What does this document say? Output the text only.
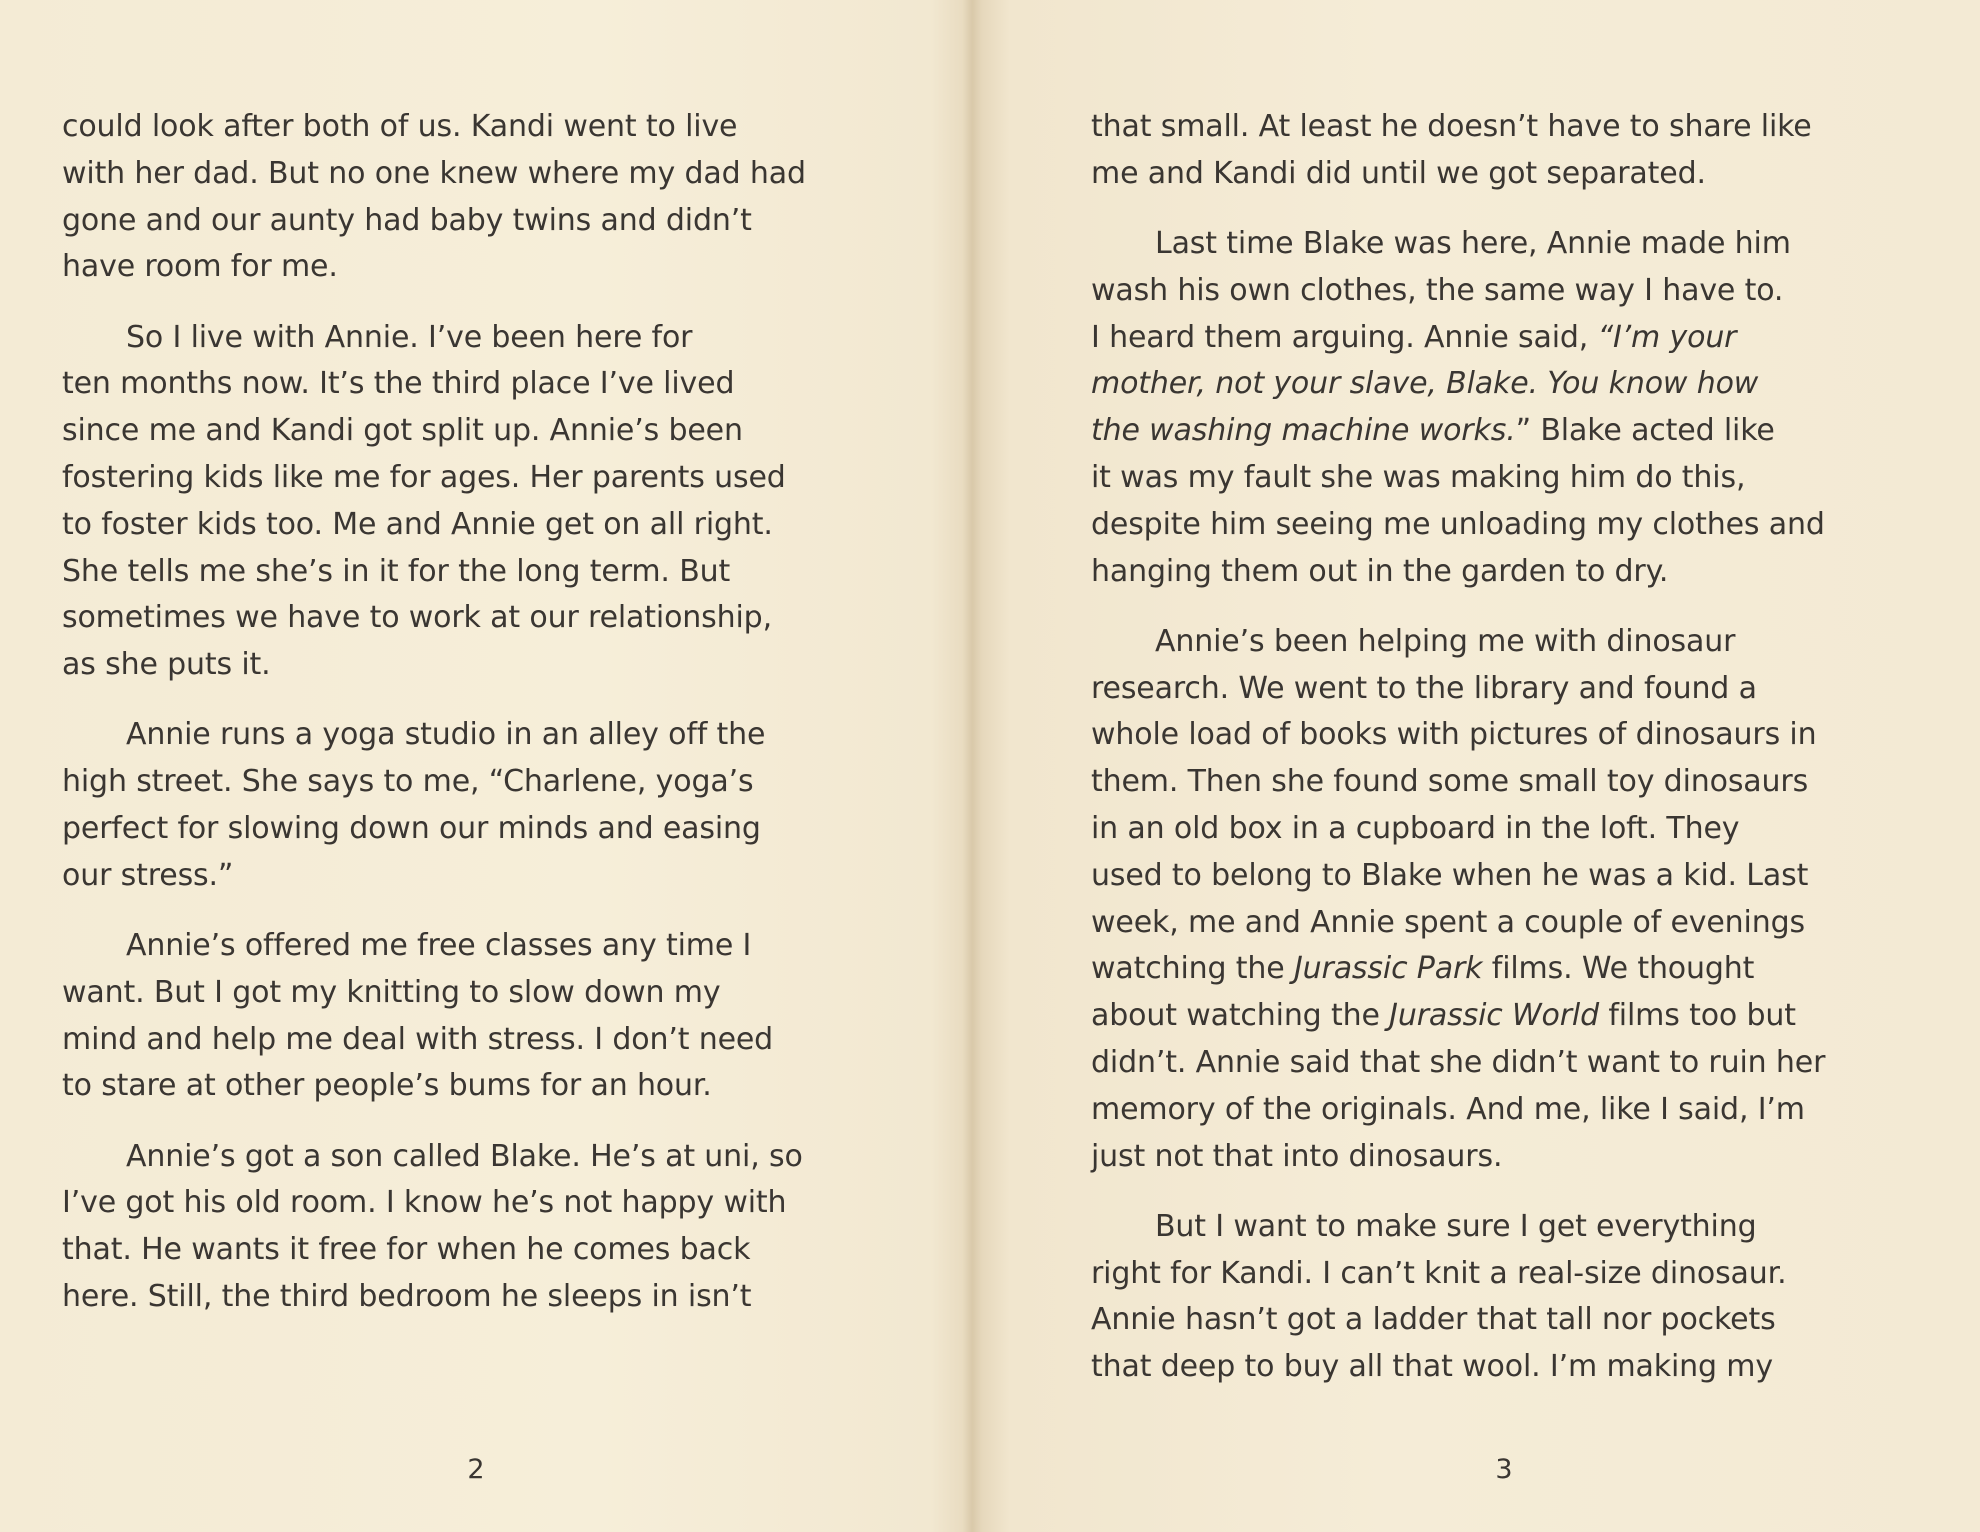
could look after both of us. Kandi went to live
with her dad. But no one knew where my dad had
gone and our aunty had baby twins and didn’t
have room for me.

So I live with Annie. I’ve been here for
ten months now. It’s the third place I’ve lived
since me and Kandi got split up. Annie’s been
fostering kids like me for ages. Her parents used
to foster kids too. Me and Annie get on all right.
She tells me she’s in it for the long term. But
sometimes we have to work at our relationship,
as she puts it.

Annie runs a yoga studio in an alley off the
high street. She says to me, “Charlene, yoga’s
perfect for slowing down our minds and easing
our stress.”

Annie’s offered me free classes any time I
want. But I got my knitting to slow down my
mind and help me deal with stress. I don’t need
to stare at other people’s bums for an hour.

Annie’s got a son called Blake. He’s at uni, so
I’ve got his old room. I know he’s not happy with
that. He wants it free for when he comes back
here. Still, the third bedroom he sleeps in isn’t

2

that small. At least he doesn’t have to share like
me and Kandi did until we got separated.

Last time Blake was here, Annie made him
wash his own clothes, the same way I have to.
I heard them arguing. Annie said, “I’m your
mother, not your slave, Blake. You know how
the washing machine works.” Blake acted like
it was my fault she was making him do this,
despite him seeing me unloading my clothes and
hanging them out in the garden to dry.

Annie’s been helping me with dinosaur
research. We went to the library and found a
whole load of books with pictures of dinosaurs in
them. Then she found some small toy dinosaurs
in an old box in a cupboard in the loft. They
used to belong to Blake when he was a kid. Last
week, me and Annie spent a couple of evenings
watching the Jurassic Park films. We thought
about watching the Jurassic World films too but
didn’t. Annie said that she didn’t want to ruin her
memory of the originals. And me, like I said, I’m
just not that into dinosaurs.

But I want to make sure I get everything
right for Kandi. I can’t knit a real-size dinosaur.
Annie hasn’t got a ladder that tall nor pockets
that deep to buy all that wool. I’m making my

3
